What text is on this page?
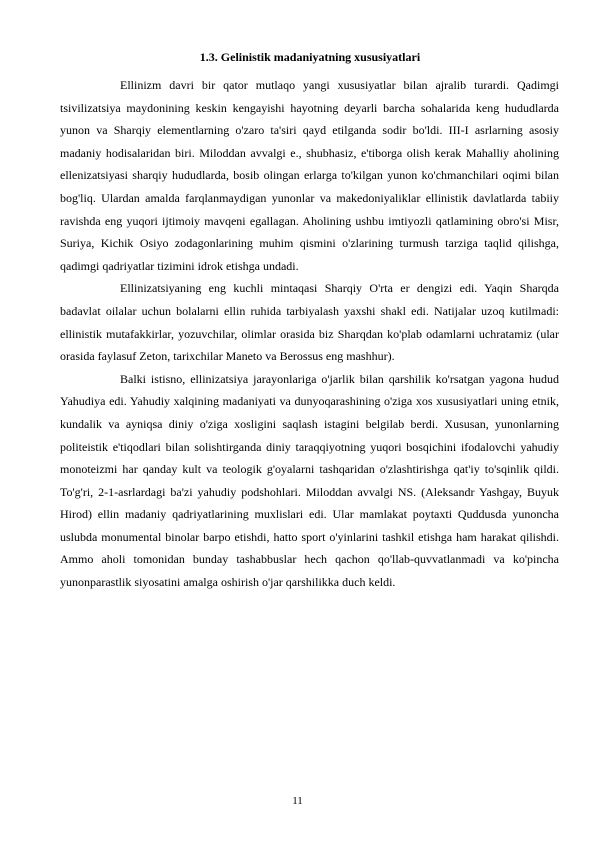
1.3. Gelinistik madaniyatning xususiyatlari

Ellinizm davri bir qator mutlaqo yangi xususiyatlar bilan ajralib turardi. Qadimgi tsivilizatsiya maydonining keskin kengayishi hayotning deyarli barcha sohalarida keng hududlarda yunon va Sharqiy elementlarning o'zaro ta'siri qayd etilganda sodir bo'ldi. III-I asrlarning asosiy madaniy hodisalaridan biri. Miloddan avvalgi e., shubhasiz, e'tiborga olish kerak Mahalliy aholining ellenizatsiyasi sharqiy hududlarda, bosib olingan erlarga to'kilgan yunon ko'chmanchilari oqimi bilan bog'liq. Ulardan amalda farqlanmaydigan yunonlar va makedoniyaliklar ellinistik davlatlarda tabiiy ravishda eng yuqori ijtimoiy mavqeni egallagan. Aholining ushbu imtiyozli qatlamining obro'si Misr, Suriya, Kichik Osiyo zodagonlarining muhim qismini o'zlarining turmush tarziga taqlid qilishga, qadimgi qadriyatlar tizimini idrok etishga undadi.

Ellinizatsiyaning eng kuchli mintaqasi Sharqiy O'rta er dengizi edi. Yaqin Sharqda badavlat oilalar uchun bolalarni ellin ruhida tarbiyalash yaxshi shakl edi. Natijalar uzoq kutilmadi: ellinistik mutafakkirlar, yozuvchilar, olimlar orasida biz Sharqdan ko'plab odamlarni uchratamiz (ular orasida faylasuf Zeton, tarixchilar Maneto va Berossus eng mashhur).

Balki istisno, ellinizatsiya jarayonlariga o'jarlik bilan qarshilik ko'rsatgan yagona hudud Yahudiya edi. Yahudiy xalqining madaniyati va dunyoqarashining o'ziga xos xususiyatlari uning etnik, kundalik va ayniqsa diniy o'ziga xosligini saqlash istagini belgilab berdi. Xususan, yunonlarning politeistik e'tiqodlari bilan solishtirganda diniy taraqqiyotning yuqori bosqichini ifodalovchi yahudiy monoteizmi har qanday kult va teologik g'oyalarni tashqaridan o'zlashtirishga qat'iy to'sqinlik qildi. To'g'ri, 2-1-asrlardagi ba'zi yahudiy podshohlari. Miloddan avvalgi NS. (Aleksandr Yashgay, Buyuk Hirod) ellin madaniy qadriyatlarining muxlislari edi. Ular mamlakat poytaxti Quddusda yunoncha uslubda monumental binolar barpo etishdi, hatto sport o'yinlarini tashkil etishga ham harakat qilishdi. Ammo aholi tomonidan bunday tashabbuslar hech qachon qo'llab-quvvatlanmadi va ko'pincha yunonparastlik siyosatini amalga oshirish o'jar qarshilikka duch keldi.

11
